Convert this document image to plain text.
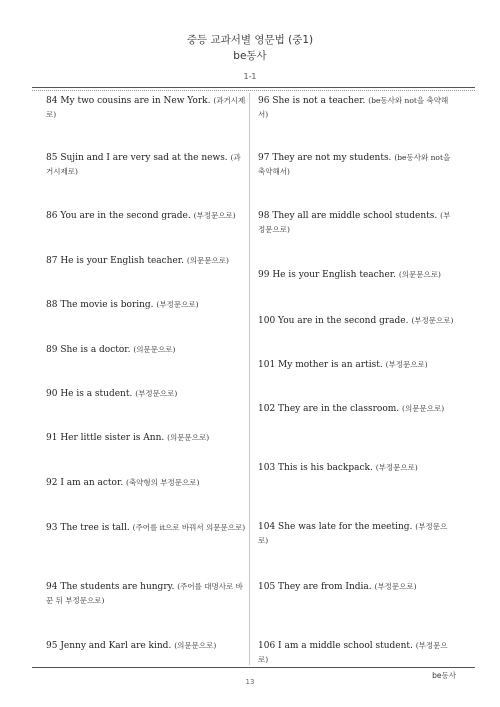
중등 교과서별 영문법 (중1)
be동사
1-1

84 My two cousins are in New York. (과거시제로)

85 Sujin and I are very sad at the news. (과거시제로)

86 You are in the second grade. (부정문으로)

87 He is your English teacher. (의문문으로)

88 The movie is boring. (부정문으로)

89 She is a doctor. (의문문으로)

90 He is a student. (부정문으로)

91 Her little sister is Ann. (의문문으로)

92 I am an actor. (축약형의 부정문으로)

93 The tree is tall. (주어를 it으로 바꿔서 의문문으로)

94 The students are hungry. (주어를 대명사로 바꾼 뒤 부정문으로)

95 Jenny and Karl are kind. (의문문으로)

96 She is not a teacher. (be동사와 not을 축약해서)

97 They are not my students. (be동사와 not을 축약해서)

98 They all are middle school students. (부정문으로)

99 He is your English teacher. (의문문으로)

100 You are in the second grade. (부정문으로)

101 My mother is an artist. (부정문으로)

102 They are in the classroom. (의문문으로)

103 This is his backpack. (부정문으로)

104 She was late for the meeting. (부정문으로)

105 They are from India. (부정문으로)

106 I am a middle school student. (부정문으로)

be동사
13
